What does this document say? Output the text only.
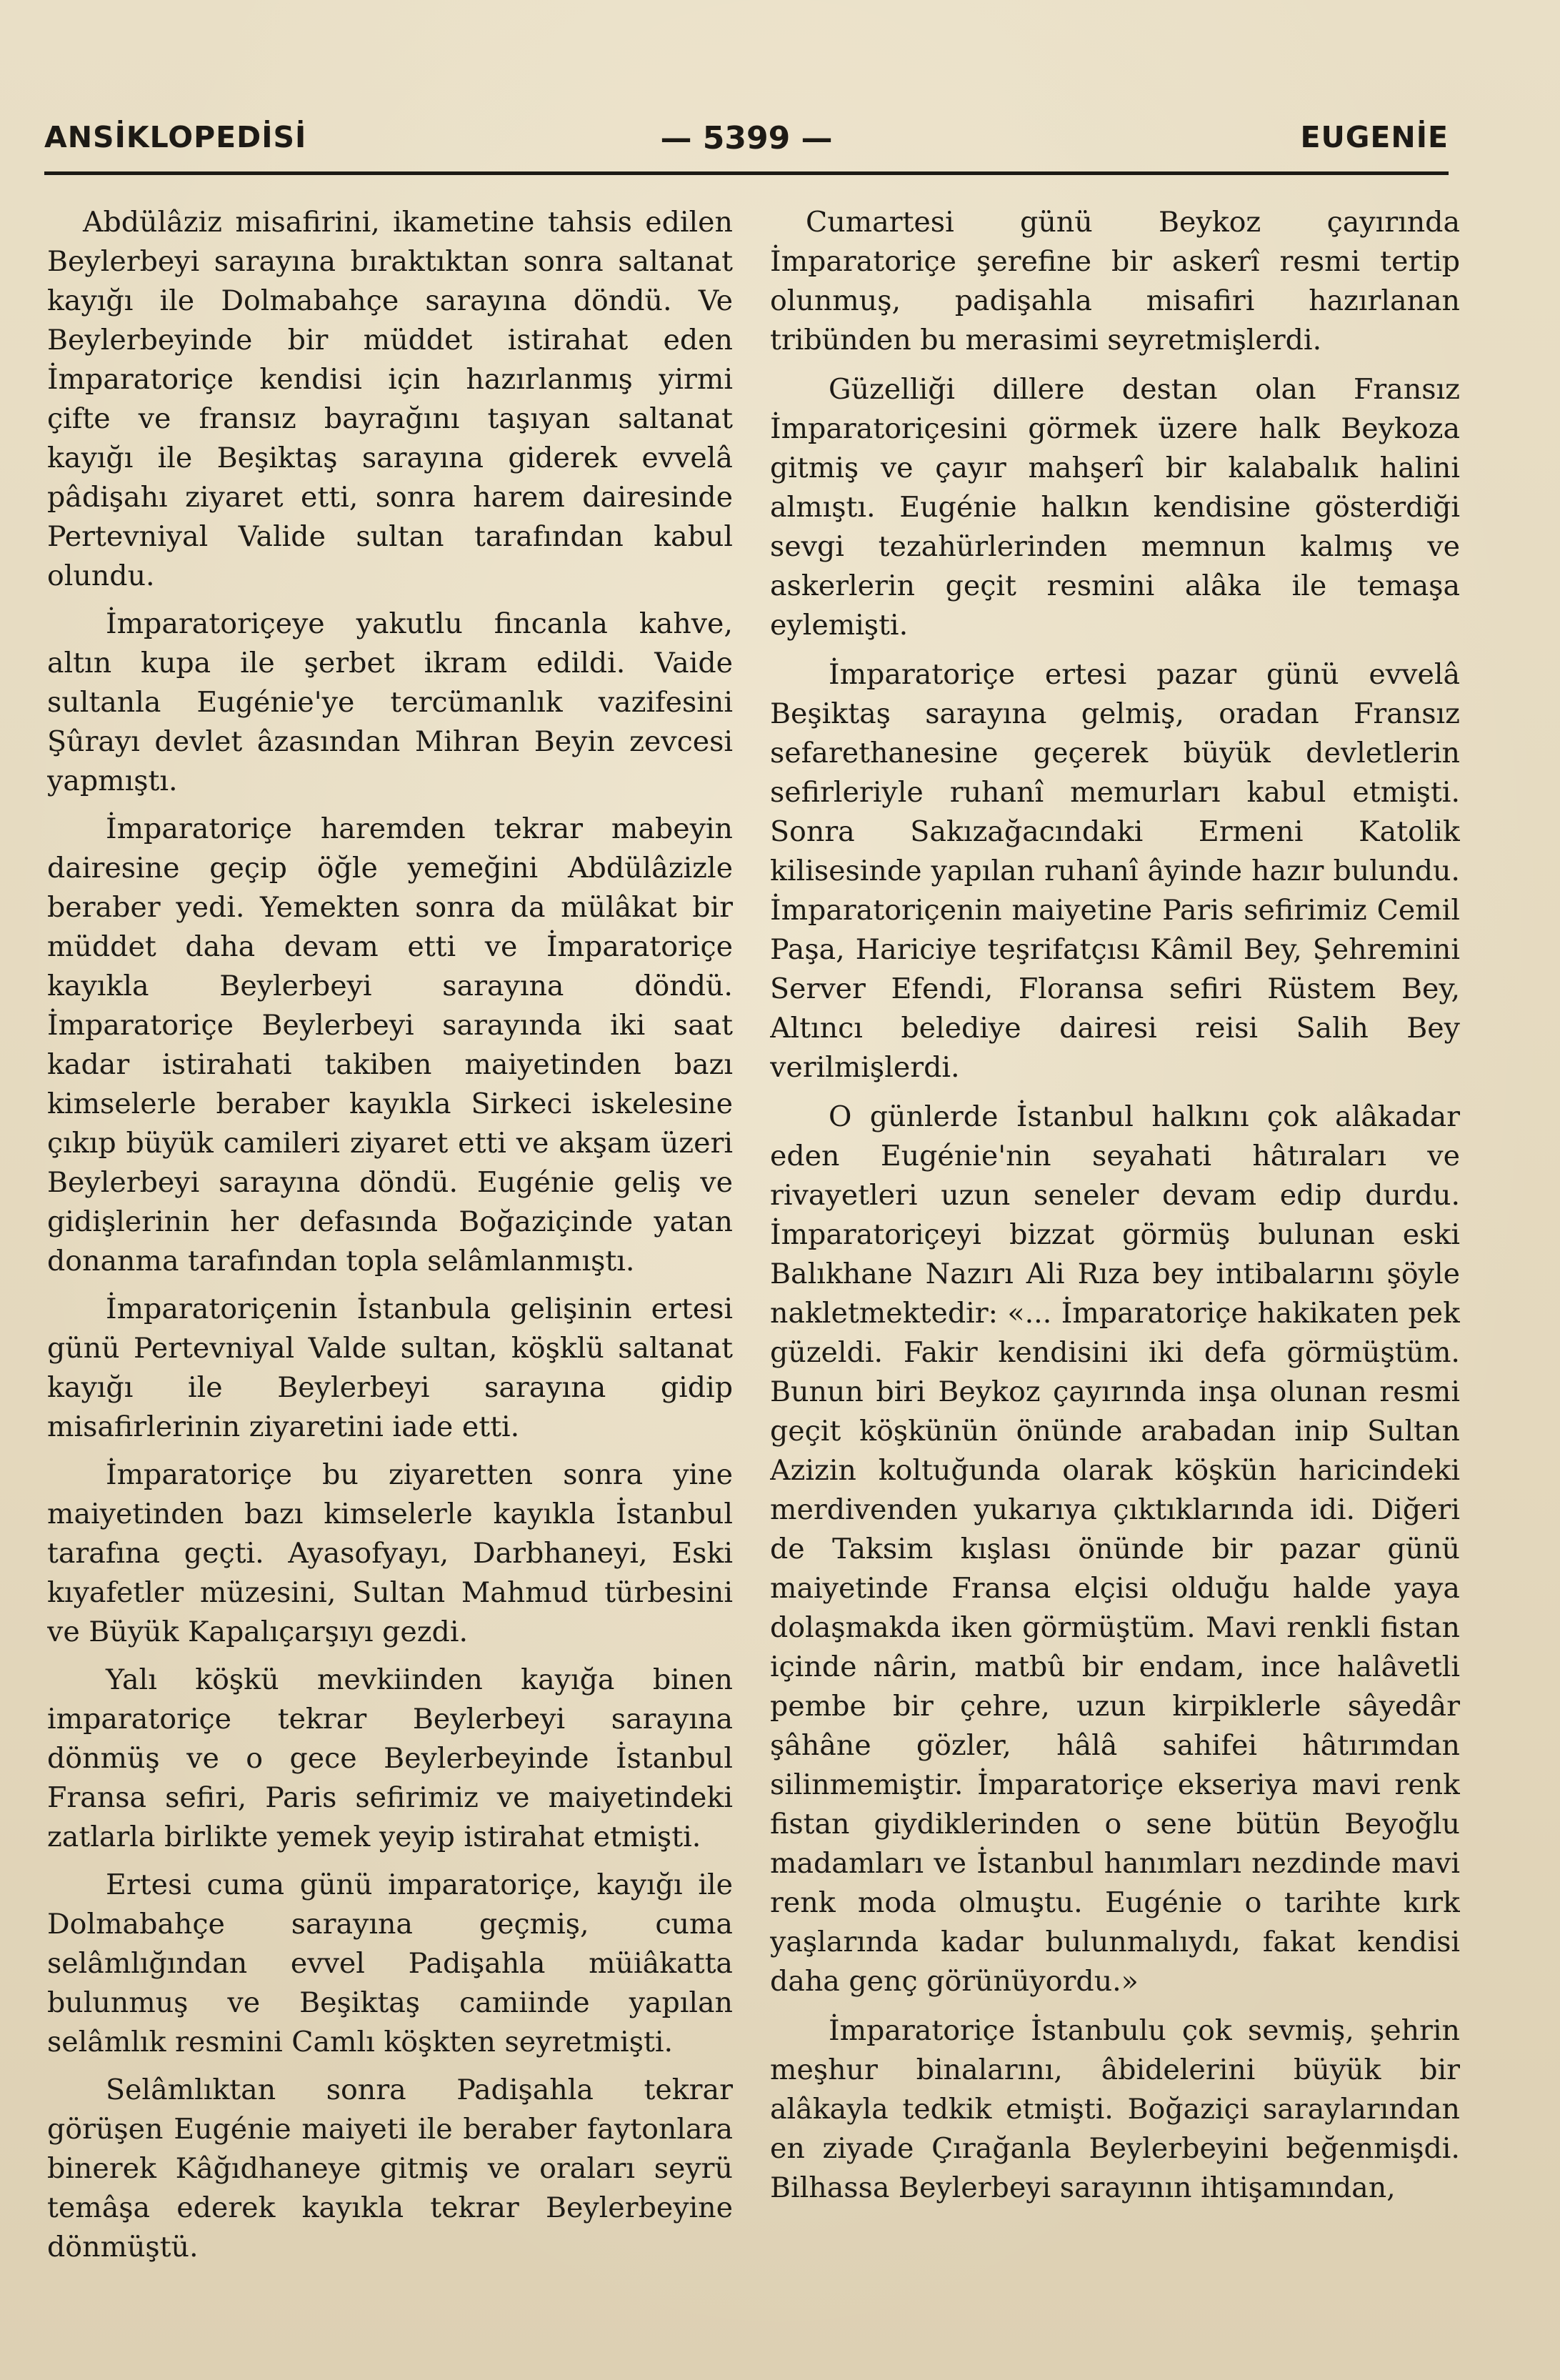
ANSİKLOPEDİSİ	— 5399 —	EUGENİE

Abdülâziz misafirini, ikametine tahsis edilen Beylerbeyi sarayına bıraktıktan sonra saltanat kayığı ile Dolmabahçe sarayına döndü. Ve Beylerbeyinde bir müddet istirahat eden İmparatoriçe kendisi için hazırlanmış yirmi çifte ve fransız bayrağını taşıyan saltanat kayığı ile Beşiktaş sarayına giderek evvelâ pâdişahı ziyaret etti, sonra harem dairesinde Pertevniyal Valide sultan tarafından kabul olundu.

İmparatoriçeye yakutlu fincanla kahve, altın kupa ile şerbet ikram edildi. Vaide sultanla Eugénie'ye tercümanlık vazifesini Şûrayı devlet âzasından Mihran Beyin zevcesi yapmıştı.

İmparatoriçe haremden tekrar mabeyin dairesine geçip öğle yemeğini Abdülâzizle beraber yedi. Yemekten sonra da mülâkat bir müddet daha devam etti ve İmparatoriçe kayıkla Beylerbeyi sarayına döndü. İmparatoriçe Beylerbeyi sarayında iki saat kadar istirahati takiben maiyetinden bazı kimselerle beraber kayıkla Sirkeci iskelesine çıkıp büyük camileri ziyaret etti ve akşam üzeri Beylerbeyi sarayına döndü. Eugénie geliş ve gidişlerinin her defasında Boğaziçinde yatan donanma tarafından topla selâmlanmıştı.

İmparatoriçenin İstanbula gelişinin ertesi günü Pertevniyal Valde sultan, köşklü saltanat kayığı ile Beylerbeyi sarayına gidip misafirlerinin ziyaretini iade etti.

İmparatoriçe bu ziyaretten sonra yine maiyetinden bazı kimselerle kayıkla İstanbul tarafına geçti. Ayasofyayı, Darbhaneyi, Eski kıyafetler müzesini, Sultan Mahmud türbesini ve Büyük Kapalıçarşıyı gezdi.

Yalı köşkü mevkiinden kayığa binen imparatoriçe tekrar Beylerbeyi sarayına dönmüş ve o gece Beylerbeyinde İstanbul Fransa sefiri, Paris sefirimiz ve maiyetindeki zatlarla birlikte yemek yeyip istirahat etmişti.

Ertesi cuma günü imparatoriçe, kayığı ile Dolmabahçe sarayına geçmiş, cuma selâmlığından evvel Padişahla müiâkatta bulunmuş ve Beşiktaş camiinde yapılan selâmlık resmini Camlı köşkten seyretmişti.

Selâmlıktan sonra Padişahla tekrar görüşen Eugénie maiyeti ile beraber faytonlara binerek Kâğıdhaneye gitmiş ve oraları seyrü temâşa ederek kayıkla tekrar Beylerbeyine dönmüştü.

Cumartesi günü Beykoz çayırında İmparatoriçe şerefine bir askerî resmi tertip olunmuş, padişahla misafiri hazırlanan tribünden bu merasimi seyretmişlerdi.

Güzelliği dillere destan olan Fransız İmparatoriçesini görmek üzere halk Beykoza gitmiş ve çayır mahşerî bir kalabalık halini almıştı. Eugénie halkın kendisine gösterdiği sevgi tezahürlerinden memnun kalmış ve askerlerin geçit resmini alâka ile temaşa eylemişti.

İmparatoriçe ertesi pazar günü evvelâ Beşiktaş sarayına gelmiş, oradan Fransız sefarethanesine geçerek büyük devletlerin sefirleriyle ruhanî memurları kabul etmişti. Sonra Sakızağacındaki Ermeni Katolik kilisesinde yapılan ruhanî âyinde hazır bulundu. İmparatoriçenin maiyetine Paris sefirimiz Cemil Paşa, Hariciye teşrifatçısı Kâmil Bey, Şehremini Server Efendi, Floransa sefiri Rüstem Bey, Altıncı belediye dairesi reisi Salih Bey verilmişlerdi.

O günlerde İstanbul halkını çok alâkadar eden Eugénie'nin seyahati hâtıraları ve rivayetleri uzun seneler devam edip durdu. İmparatoriçeyi bizzat görmüş bulunan eski Balıkhane Nazırı Ali Rıza bey intibalarını şöyle nakletmektedir: «... İmparatoriçe hakikaten pek güzeldi. Fakir kendisini iki defa görmüştüm. Bunun biri Beykoz çayırında inşa olunan resmi geçit köşkünün önünde arabadan inip Sultan Azizin koltuğunda olarak köşkün haricindeki merdivenden yukarıya çıktıklarında idi. Diğeri de Taksim kışlası önünde bir pazar günü maiyetinde Fransa elçisi olduğu halde yaya dolaşmakda iken görmüştüm. Mavi renkli fistan içinde nârin, matbû bir endam, ince halâvetli pembe bir çehre, uzun kirpiklerle sâyedâr şâhâne gözler, hâlâ sahifei hâtırımdan silinmemiştir. İmparatoriçe ekseriya mavi renk fistan giydiklerinden o sene bütün Beyoğlu madamları ve İstanbul hanımları nezdinde mavi renk moda olmuştu. Eugénie o tarihte kırk yaşlarında kadar bulunmalıydı, fakat kendisi daha genç görünüyordu.»

İmparatoriçe İstanbulu çok sevmiş, şehrin meşhur binalarını, âbidelerini büyük bir alâkayla tedkik etmişti. Boğaziçi saraylarından en ziyade Çırağanla Beylerbeyini beğenmişdi. Bilhassa Beylerbeyi sarayının ihtişamından,
